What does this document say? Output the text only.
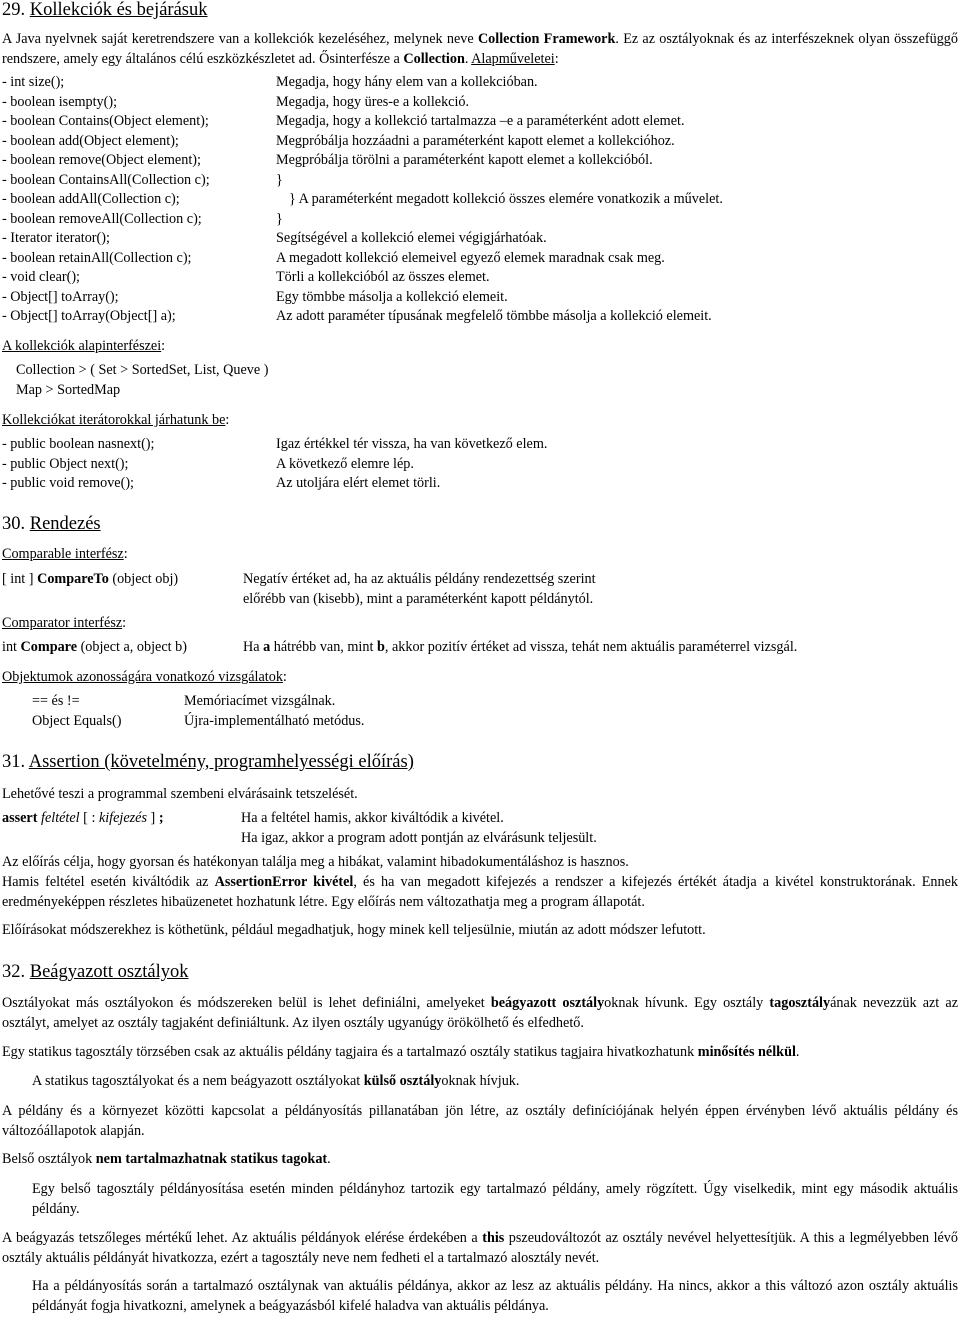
29. Kollekciók és bejárásuk
A Java nyelvnek saját keretrendszere van a kollekciók kezeléséhez, melynek neve Collection Framework. Ez az osztályoknak és az interfészeknek olyan összefüggő rendszere, amely egy általános célú eszközkészletet ad. Ősinterfésze a Collection. Alapműveletei:
- int size();	Megadja, hogy hány elem van a kollekcióban.
- boolean isempty();	Megadja, hogy üres-e a kollekció.
- boolean Contains(Object element);	Megadja, hogy a kollekció tartalmazza –e a paraméterként adott elemet.
- boolean add(Object element);	Megpróbálja hozzáadni a paraméterként kapott elemet a kollekcióhoz.
- boolean remove(Object element);	Megpróbálja törölni a paraméterként kapott elemet a kollekcióból.
- boolean ContainsAll(Collection c);	}
- boolean addAll(Collection c);	} A paraméterként megadott kollekció összes elemére vonatkozik a művelet.
- boolean removeAll(Collection c);	}
- Iterator iterator();	Segítségével a kollekció elemei végigjárhatóak.
- boolean retainAll(Collection c);	A megadott kollekció elemeivel egyező elemek maradnak csak meg.
- void clear();	Törli a kollekcióból az összes elemet.
- Object[] toArray();	Egy tömbbe másolja a kollekció elemeit.
- Object[] toArray(Object[] a);	Az adott paraméter típusának megfelelő tömbbe másolja a kollekció elemeit.
A kollekciók alapinterfészei:
Collection > ( Set > SortedSet, List, Queve )
Map > SortedMap
Kollekciókat iterátorokkal járhatunk be:
- public boolean nasnext();	Igaz értékkel tér vissza, ha van következő elem.
- public Object next();	A következő elemre lép.
- public void remove();	Az utoljára elért elemet törli.
30. Rendezés
Comparable interfész:
[ int ] CompareTo (object obj)	Negatív értéket ad, ha az aktuális példány rendezettség szerint
előrébb van (kisebb), mint a paraméterként kapott példánytól.
Comparator interfész:
int Compare (object a, object b)	Ha a hátrébb van, mint b, akkor pozitív értéket ad vissza, tehát nem aktuális paraméterrel vizsgál.
Objektumok azonosságára vonatkozó vizsgálatok:
== és !=	Memóriacímet vizsgálnak.
Object Equals()	Újra-implementálható metódus.
31. Assertion (követelmény, programhelyességi előírás)
Lehetővé teszi a programmal szembeni elvárásaink tetszelését.
assert feltétel [ : kifejezés ] ;	Ha a feltétel hamis, akkor kiváltódik a kivétel.
Ha igaz, akkor a program adott pontján az elvárásunk teljesült.
Az előírás célja, hogy gyorsan és hatékonyan találja meg a hibákat, valamint hibadokumentáláshoz is hasznos.
Hamis feltétel esetén kiváltódik az AssertionError kivétel, és ha van megadott kifejezés a rendszer a kifejezés értékét átadja a kivétel konstruktorának. Ennek eredményeképpen részletes hibaüzenetet hozhatunk létre. Egy előírás nem változathatja meg a program állapotát.
Előírásokat módszerekhez is köthetünk, például megadhatjuk, hogy minek kell teljesülnie, miután az adott módszer lefutott.
32. Beágyazott osztályok
Osztályokat más osztályokon és módszereken belül is lehet definiálni, amelyeket beágyazott osztályoknak hívunk. Egy osztály tagosztályának nevezzük azt az osztályt, amelyet az osztály tagjaként definiáltunk. Az ilyen osztály ugyanúgy örökölhető és elfedhető.
Egy statikus tagosztály törzsében csak az aktuális példány tagjaira és a tartalmazó osztály statikus tagjaira hivatkozhatunk minősítés nélkül.
A statikus tagosztályokat és a nem beágyazott osztályokat külső osztályoknak hívjuk.
A példány és a környezet közötti kapcsolat a példányosítás pillanatában jön létre, az osztály definíciójának helyén éppen érvényben lévő aktuális példány és változóállapotok alapján.
Belső osztályok nem tartalmazhatnak statikus tagokat.
Egy belső tagosztály példányosítása esetén minden példányhoz tartozik egy tartalmazó példány, amely rögzített. Úgy viselkedik, mint egy második aktuális példány.
A beágyazás tetszőleges mértékű lehet. Az aktuális példányok elérése érdekében a this pszeudováltozót az osztály nevével helyettesítjük. A this a legmélyebben lévő osztály aktuális példányát hivatkozza, ezért a tagosztály neve nem fedheti el a tartalmazó alosztály nevét.
Ha a példányosítás során a tartalmazó osztálynak van aktuális példánya, akkor az lesz az aktuális példány. Ha nincs, akkor a this változó azon osztály aktuális példányát fogja hivatkozni, amelynek a beágyazásból kifelé haladva van aktuális példánya.
